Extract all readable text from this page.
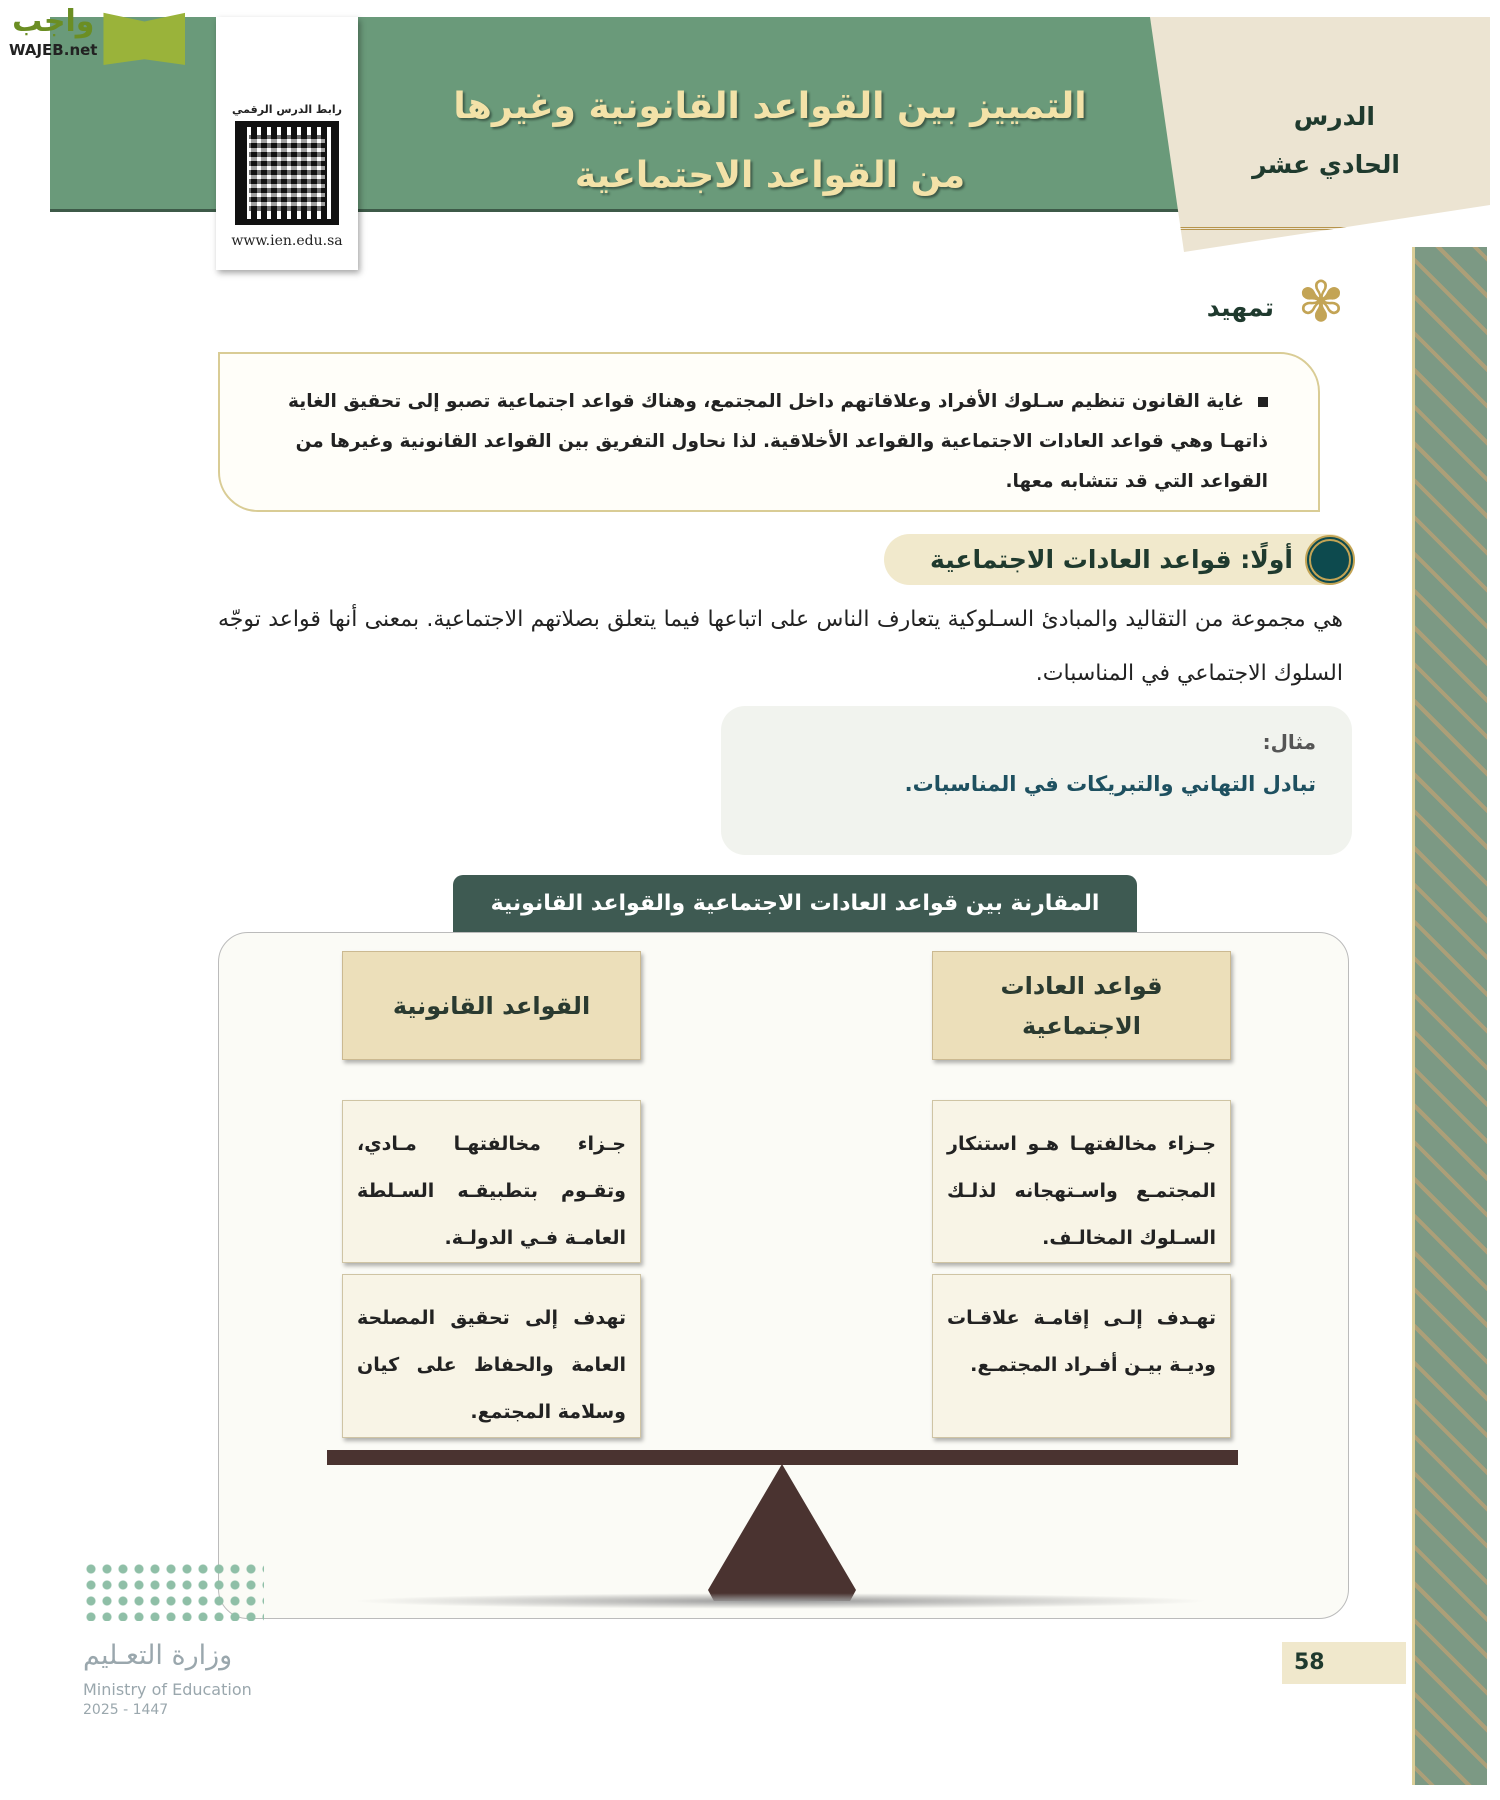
واجب
WAJEB.net
التمييز بين القواعد القانونية وغيرها
من القواعد الاجتماعية
رابط الدرس الرقمي
www.ien.edu.sa
الدرس
الحادي عشر
✾
تمهيد
غاية القانون تنظيم سـلوك الأفراد وعلاقاتهم داخل المجتمع، وهناك قواعد اجتماعية تصبو إلى تحقيق الغاية ذاتهـا وهي قواعد العادات الاجتماعية والقواعد الأخلاقية. لذا نحاول التفريق بين القواعد القانونية وغيرها من القواعد التي قد تتشابه معها.
أولًا: قواعد العادات الاجتماعية
هي مجموعة من التقاليد والمبادئ السـلوكية يتعارف الناس على اتباعها فيما يتعلق بصلاتهم الاجتماعية. بمعنى أنها قواعد توجّه السلوك الاجتماعي في المناسبات.
مثال:
تبادل التهاني والتبريكات في المناسبات.
المقارنة بين قواعد العادات الاجتماعية والقواعد القانونية
القواعد القانونية
قواعد العادات الاجتماعية
جـزاء مخالفتهـا مـادي، وتقـوم بتطبيقـه السـلطة العامـة فـي الدولـة.
تهدف إلى تحقيق المصلحة العامة والحفاظ على كيان وسلامة المجتمع.
جـزاء مخالفتهـا هـو استنكار المجتمـع واسـتهجانه لذلـك السـلوك المخالـف.
تهـدف إلـى إقامـة علاقـات وديـة بيـن أفـراد المجتمـع.
وزارة التعـليم
Ministry of Education
2025 - 1447
58
